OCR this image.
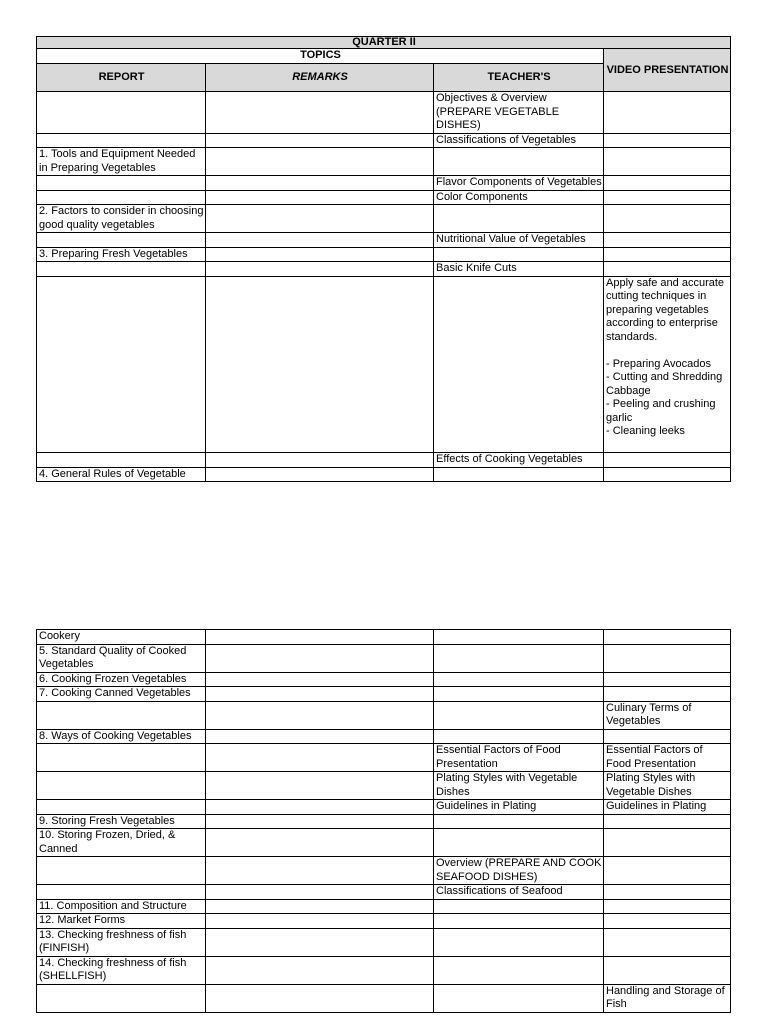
QUARTER II			
TOPICS			VIDEO PRESENTATION
REPORT	REMARKS	TEACHER'S	
		Objectives & Overview (PREPARE VEGETABLE DISHES)	
		Classifications of Vegetables	
1. Tools and Equipment Needed in Preparing Vegetables			
		Flavor Components of Vegetables	
		Color Components	
2. Factors to consider in choosing good quality vegetables			
		Nutritional Value of Vegetables	
3. Preparing Fresh Vegetables			
		Basic Knife Cuts	
			Apply safe and accurate cutting techniques in preparing vegetables according to enterprise standards.

- Preparing Avocados
- Cutting and Shredding Cabbage
- Peeling and crushing garlic
- Cleaning leeks

		Effects of Cooking Vegetables	
4. General Rules of Vegetable			
Cookery			
5. Standard Quality of Cooked Vegetables			
6. Cooking Frozen Vegetables			
7. Cooking Canned Vegetables			
			Culinary Terms of Vegetables
8. Ways of Cooking Vegetables			
		Essential Factors of Food Presentation	Essential Factors of Food Presentation
		Plating Styles with Vegetable Dishes	Plating Styles with Vegetable Dishes
		Guidelines in Plating	Guidelines in Plating
9. Storing Fresh Vegetables			
10. Storing Frozen, Dried, & Canned			
		Overview (PREPARE AND COOK SEAFOOD DISHES)	
		Classifications of Seafood	
11. Composition and Structure			
12. Market Forms			
13. Checking freshness of fish (FINFISH)			
14. Checking freshness of fish (SHELLFISH)			
			Handling and Storage of Fish
